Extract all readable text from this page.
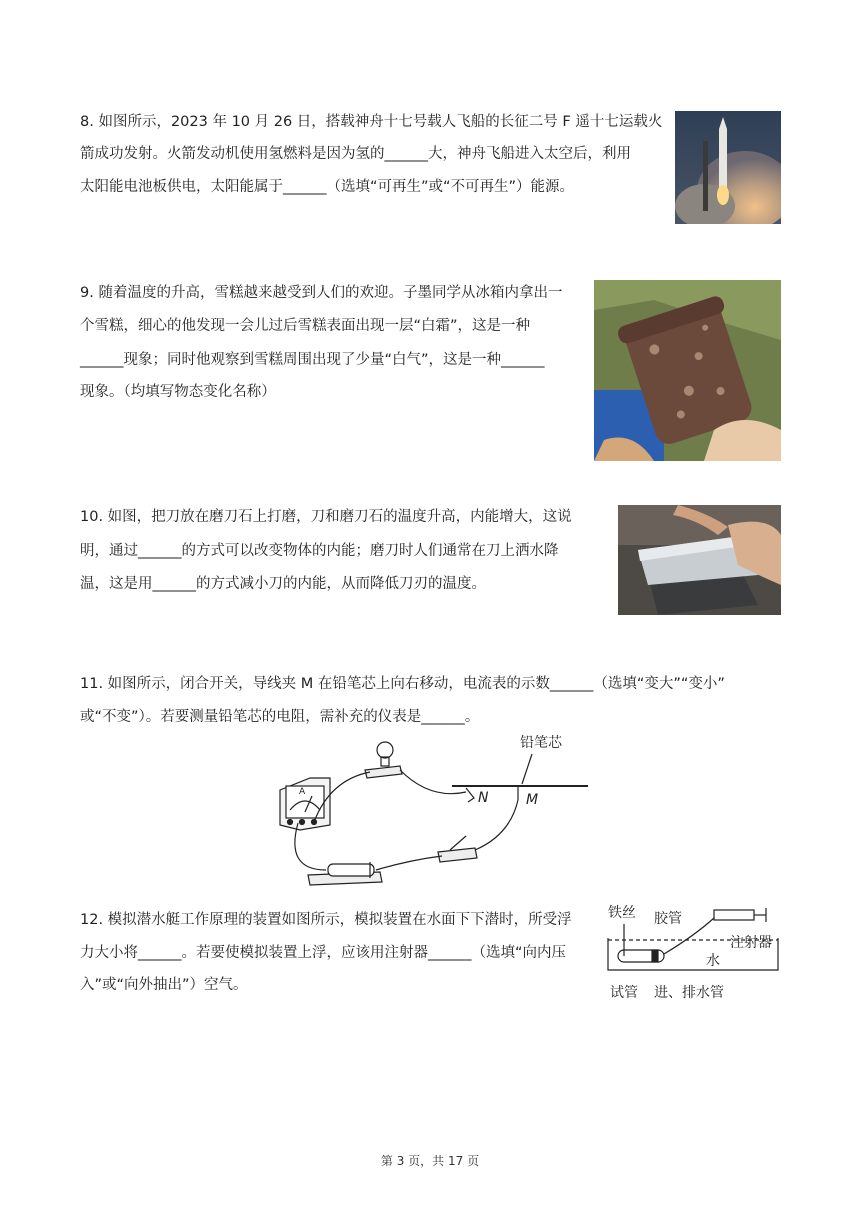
8. 如图所示，2023 年 10 月 26 日，搭载神舟十七号载人飞船的长征二号 F 遥十七运载火
箭成功发射。火箭发动机使用氢燃料是因为氢的______大，神舟飞船进入太空后，利用
太阳能电池板供电，太阳能属于______（选填“可再生”或“不可再生”）能源。
9. 随着温度的升高，雪糕越来越受到人们的欢迎。子墨同学从冰箱内拿出一
个雪糕，细心的他发现一会儿过后雪糕表面出现一层“白霜”，这是一种
______现象；同时他观察到雪糕周围出现了少量“白气”，这是一种______
现象。（均填写物态变化名称）
10. 如图，把刀放在磨刀石上打磨，刀和磨刀石的温度升高，内能增大，这说
明，通过______的方式可以改变物体的内能；磨刀时人们通常在刀上洒水降
温，这是用______的方式减小刀的内能，从而降低刀刃的温度。
11. 如图所示，闭合开关，导线夹 M 在铅笔芯上向右移动，电流表的示数______（选填“变大”“变小”
或“不变”）。若要测量铅笔芯的电阻，需补充的仪表是______。
铅笔芯
N	M
A
12. 模拟潜水艇工作原理的装置如图所示，模拟装置在水面下下潜时，所受浮
力大小将______。若要使模拟装置上浮，应该用注射器______（选填“向内压
入”或“向外抽出”）空气。
铁丝 胶管
注射器
水
试管 进、排水管
第 3 页，共 17 页
